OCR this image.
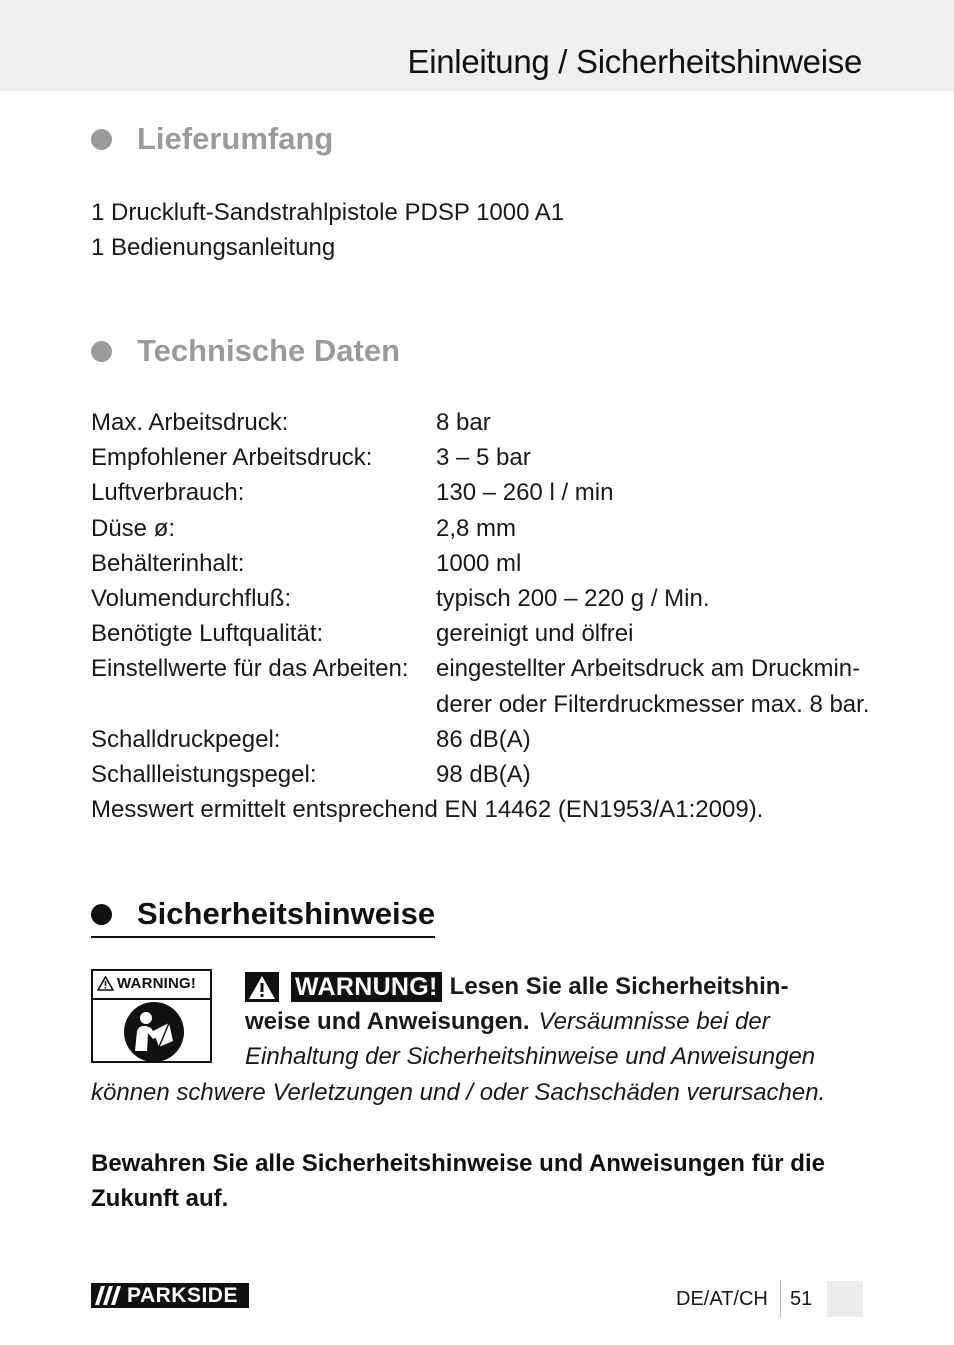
Einleitung / Sicherheitshinweise
Lieferumfang
1 Druckluft-Sandstrahlpistole PDSP 1000 A1
1 Bedienungsanleitung
Technische Daten
Max. Arbeitsdruck:	8 bar
Empfohlener Arbeitsdruck:	3 – 5 bar
Luftverbrauch:	130 – 260 l / min
Düse ø:	2,8 mm
Behälterinhalt:	1000 ml
Volumendurchfluß:	typisch 200 – 220 g / Min.
Benötigte Luftqualität:	gereinigt und ölfrei
Einstellwerte für das Arbeiten:	eingestellter Arbeitsdruck am Druckmin-
derer oder Filterdruckmesser max. 8 bar.
Schalldruckpegel:	86 dB(A)
Schallleistungspegel:	98 dB(A)
Messwert ermittelt entsprechend EN 14462 (EN1953/A1:2009).
Sicherheitshinweise
WARNING!	WARNUNG! Lesen Sie alle Sicherheitshin-
weise und Anweisungen. Versäumnisse bei der
Einhaltung der Sicherheitshinweise und Anweisungen
können schwere Verletzungen und / oder Sachschäden verursachen.
Bewahren Sie alle Sicherheitshinweise und Anweisungen für die Zukunft auf.
PARKSIDE	DE/AT/CH 51
